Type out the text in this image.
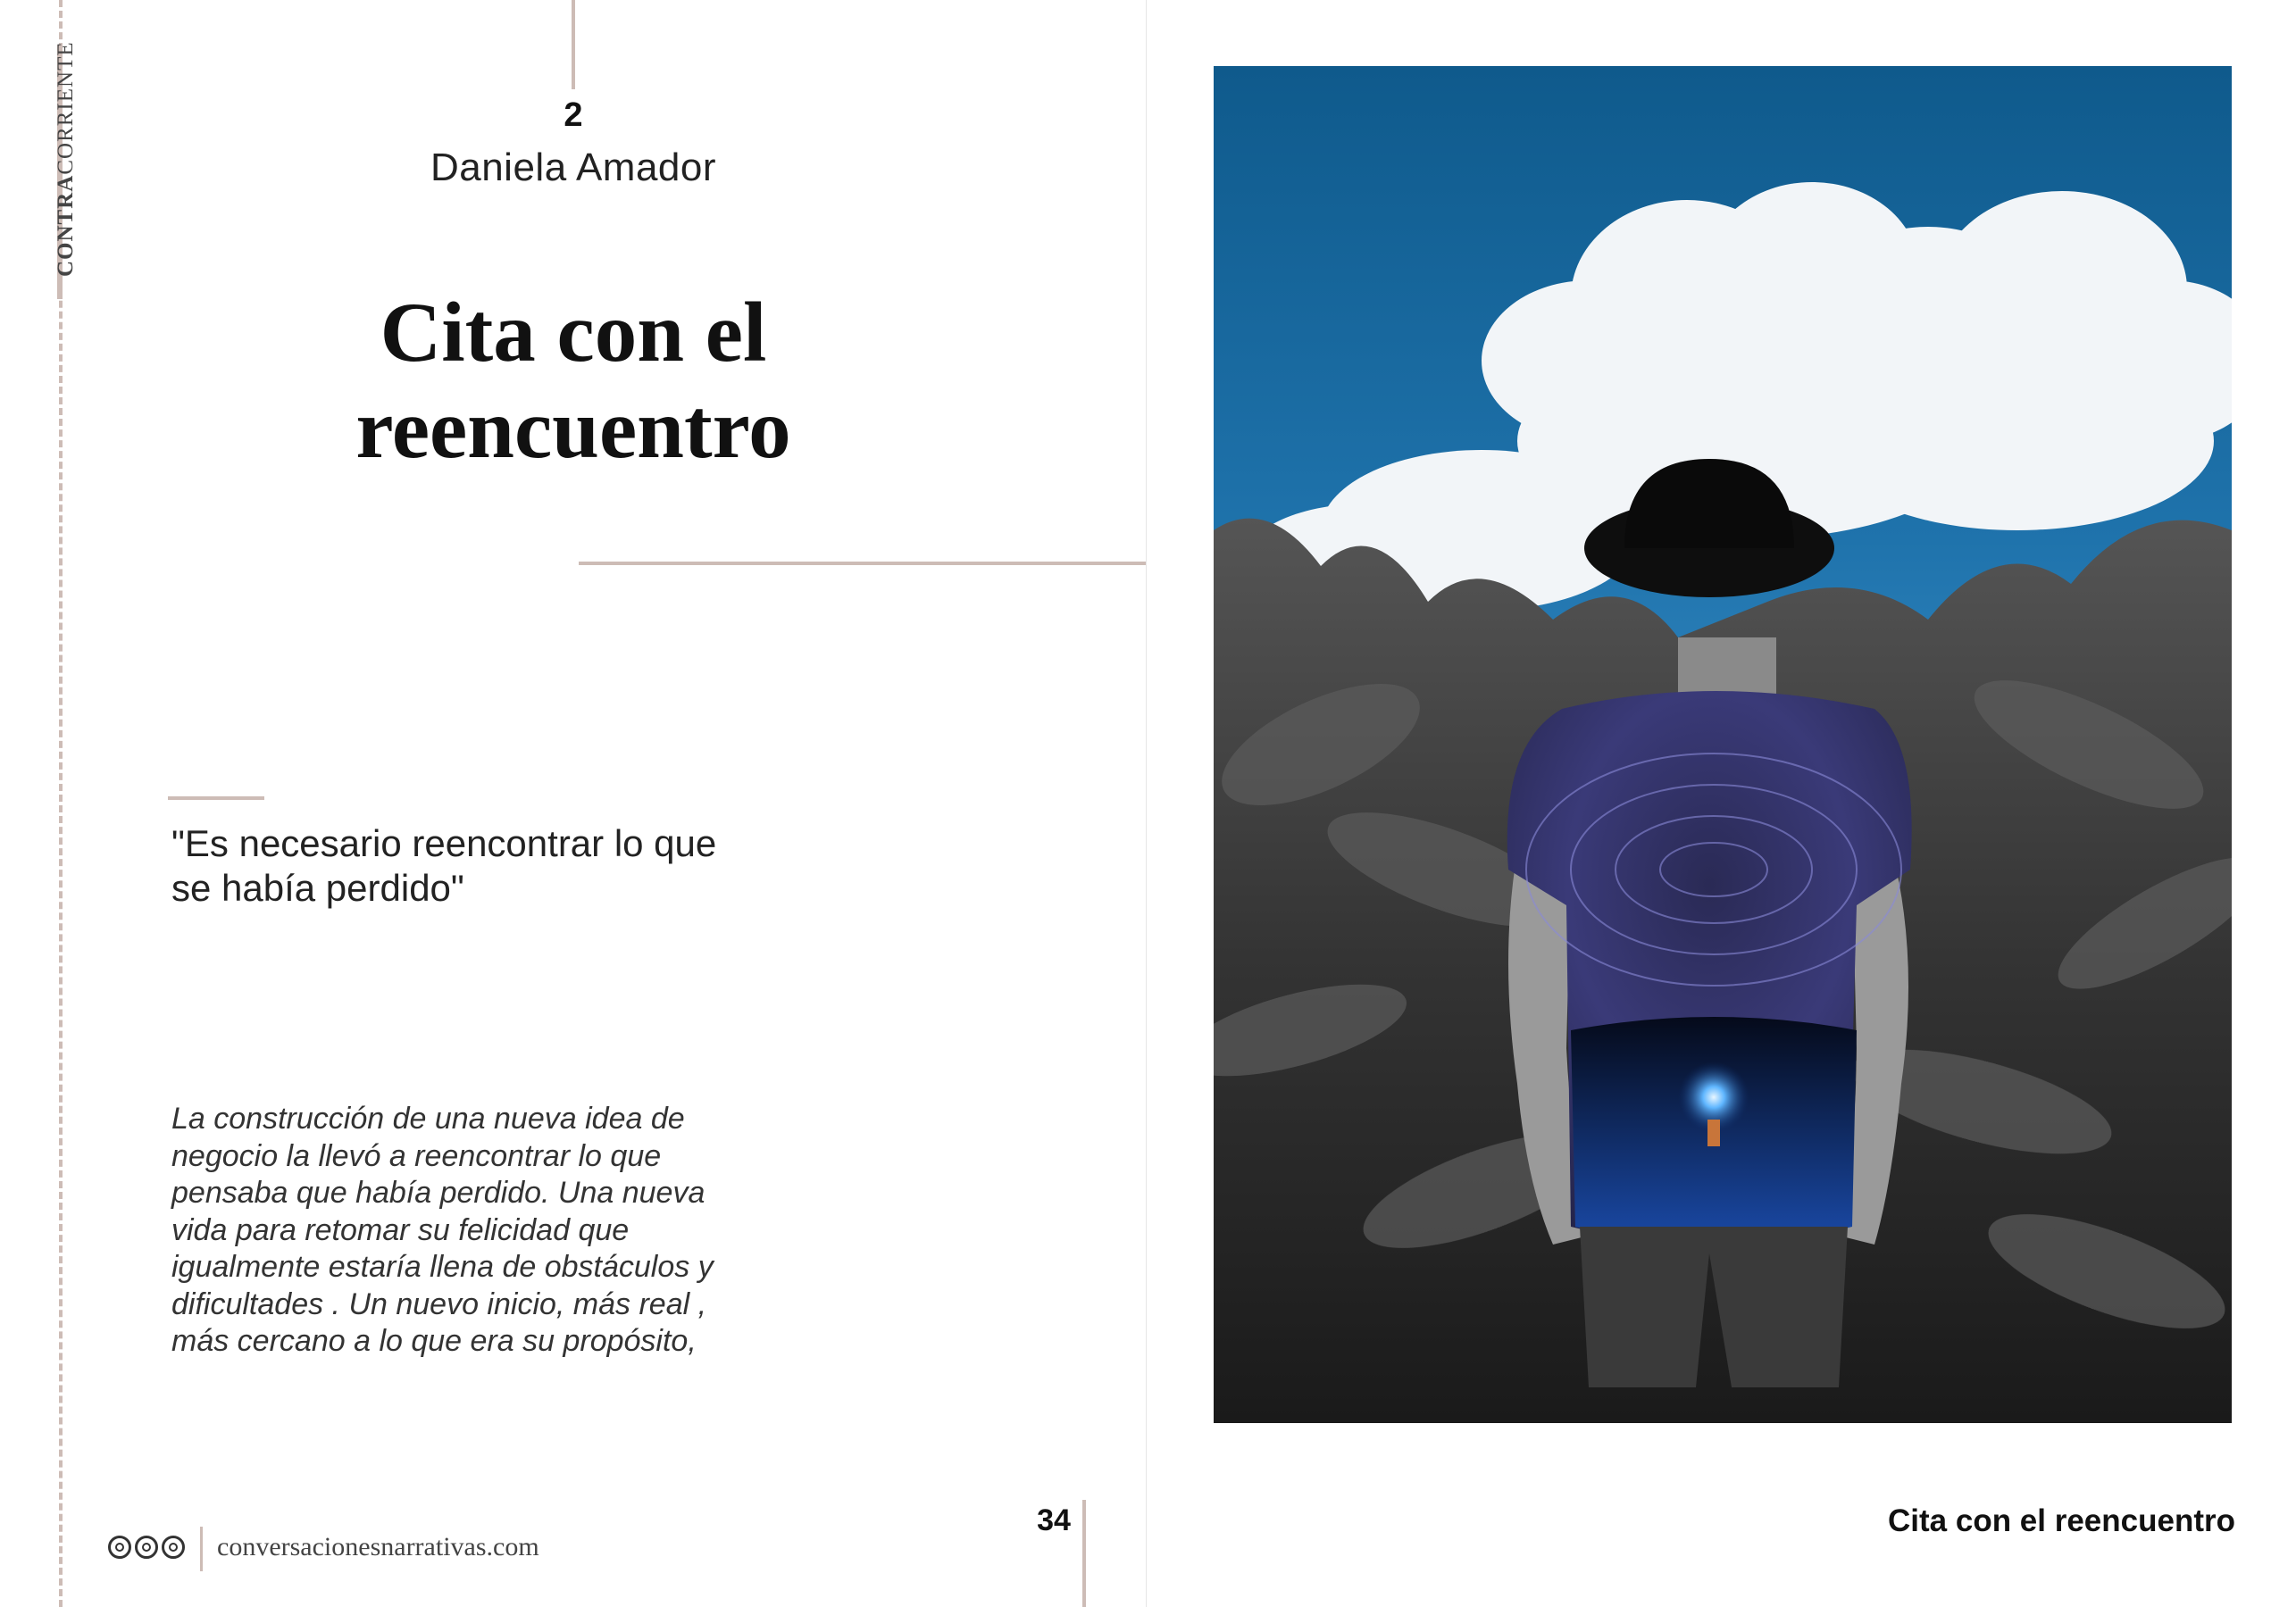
CONTRACORRIENTE	2
Daniela Amador
Cita con el
reencuentro

"Es necesario reencontrar lo que se había perdido"
La construcción de una nueva idea de negocio la llevó a reencontrar lo que pensaba que había perdido. Una nueva vida para retomar su felicidad que igualmente estaría llena de obstáculos y dificultades . Un nuevo inicio, más real , más cercano a lo que era su propósito,
conversacionesnarrativas.com
34	Cita con el reencuentro
